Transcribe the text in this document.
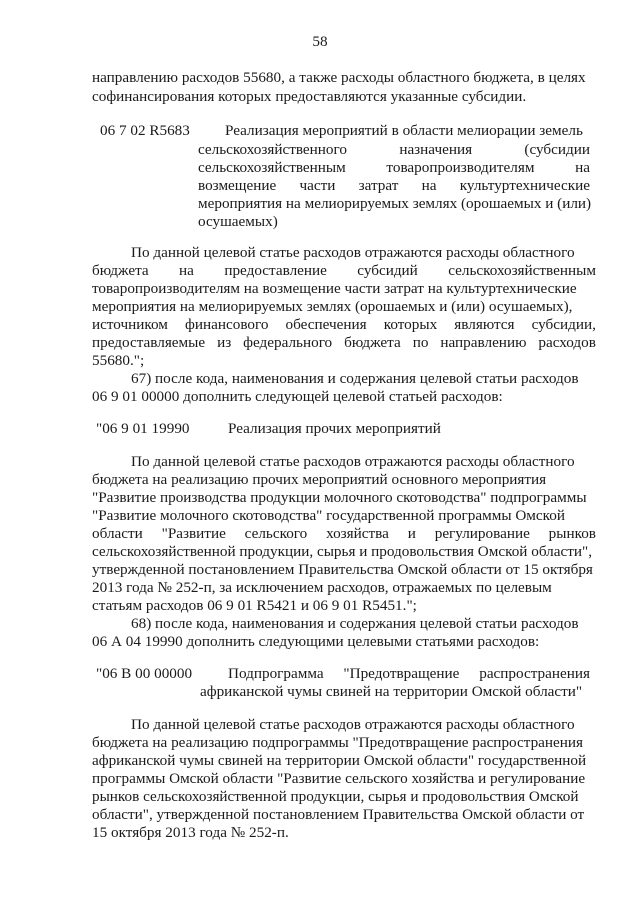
58
направлению расходов 55680, а также расходы областного бюджета, в целях
софинансирования которых предоставляются указанные субсидии.
06 7 02 R5683 Реализация мероприятий в области мелиорации земель
сельскохозяйственного	назначения	(субсидии
сельскохозяйственным	товаропроизводителям	на
возмещение части затрат на культуртехнические
мероприятия на мелиорируемых землях (орошаемых и (или)
осушаемых)
По данной целевой статье расходов отражаются расходы областного
бюджета на предоставление субсидий сельскохозяйственным
товаропроизводителям на возмещение части затрат на культуртехнические
мероприятия на мелиорируемых землях (орошаемых и (или) осушаемых),
источником финансового обеспечения которых являются субсидии,
предоставляемые из федерального бюджета по направлению расходов
55680.";
67) после кода, наименования и содержания целевой статьи расходов
06 9 01 00000 дополнить следующей целевой статьей расходов:
"06 9 01 19990	Реализация прочих мероприятий
По данной целевой статье расходов отражаются расходы областного
бюджета на реализацию прочих мероприятий основного мероприятия
"Развитие производства продукции молочного скотоводства" подпрограммы
"Развитие молочного скотоводства" государственной программы Омской
области "Развитие сельского хозяйства и регулирование рынков
сельскохозяйственной продукции, сырья и продовольствия Омской области",
утвержденной постановлением Правительства Омской области от 15 октября
2013 года № 252-п, за исключением расходов, отражаемых по целевым
статьям расходов 06 9 01 R5421 и 06 9 01 R5451.";
68) после кода, наименования и содержания целевой статьи расходов
06 А 04 19990 дополнить следующими целевыми статьями расходов:
"06 В 00 00000 Подпрограмма "Предотвращение распространения
африканской чумы свиней на территории Омской области"
По данной целевой статье расходов отражаются расходы областного
бюджета на реализацию подпрограммы "Предотвращение распространения
африканской чумы свиней на территории Омской области" государственной
программы Омской области "Развитие сельского хозяйства и регулирование
рынков сельскохозяйственной продукции, сырья и продовольствия Омской
области", утвержденной постановлением Правительства Омской области от
15 октября 2013 года № 252-п.
